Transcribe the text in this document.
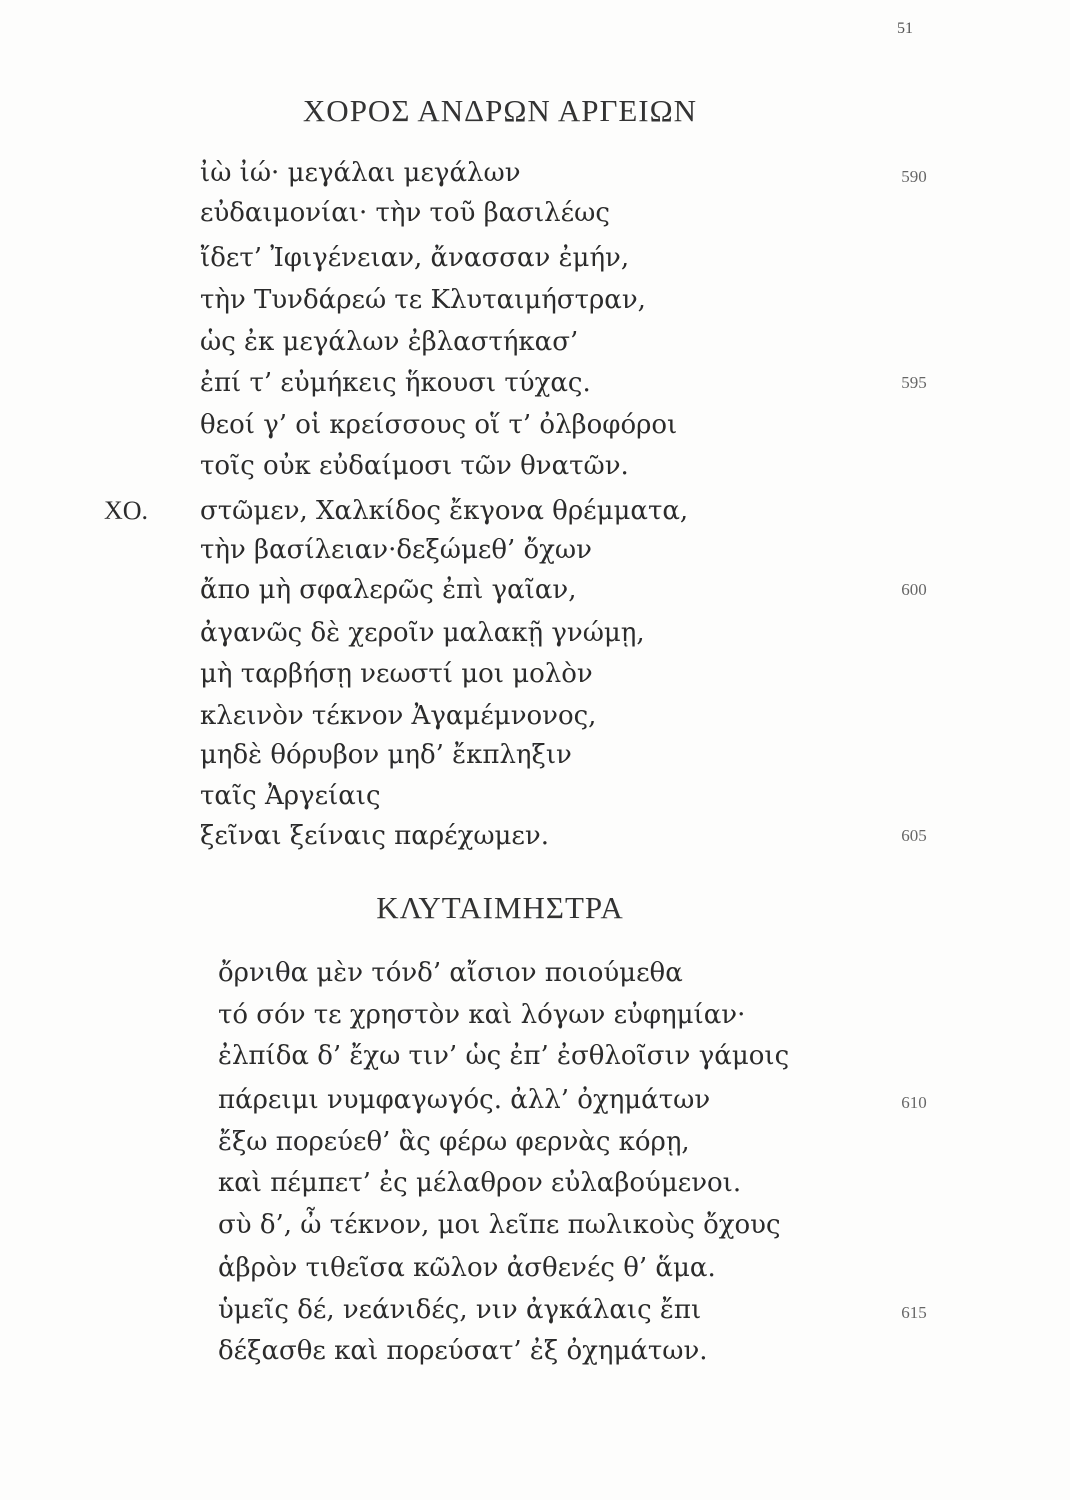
51
ΧΟΡΟΣ ΑΝΔΡΩΝ ΑΡΓΕΙΩΝ
ἰὼ ἰώ· μεγάλαι μεγάλων
εὐδαιμονίαι· τὴν τοῦ βασιλέως
ἴδετ’ Ἰφιγένειαν, ἄνασσαν ἐμήν,
τὴν Τυνδάρεώ τε Κλυταιμήστραν,
ὡς ἐκ μεγάλων ἐβλαστήκασ’
ἐπί τ’ εὐμήκεις ἥκουσι τύχας.
θεοί γ’ οἱ κρείσσους οἵ τ’ ὀλβοφόροι
τοῖς οὐκ εὐδαίμοσι τῶν θνατῶν.
στῶμεν, Χαλκίδος ἔκγονα θρέμματα,
τὴν βασίλειαν·δεξώμεθ’ ὄχων
ἄπο μὴ σφαλερῶς ἐπὶ γαῖαν,
ἀγανῶς δὲ χεροῖν μαλακῇ γνώμῃ,
μὴ ταρβήσῃ νεωστί μοι μολὸν
κλεινὸν τέκνον Ἀγαμέμνονος,
μηδὲ θόρυβον μηδ’ ἔκπληξιν
ταῖς Ἀργείαις
ξεῖναι ξείναις παρέχωμεν.
ΧΟ.
590
595
600
605
ΚΛΥΤΑΙΜΗΣΤΡΑ
ὄρνιθα μὲν τόνδ’ αἴσιον ποιούμεθα
τό σόν τε χρηστὸν καὶ λόγων εὐφημίαν·
ἐλπίδα δ’ ἔχω τιν’ ὡς ἐπ’ ἐσθλοῖσιν γάμοις
πάρειμι νυμφαγωγός. ἀλλ’ ὀχημάτων
ἔξω πορεύεθ’ ἃς φέρω φερνὰς κόρῃ,
καὶ πέμπετ’ ἐς μέλαθρον εὐλαβούμενοι.
σὺ δ’, ὦ τέκνον, μοι λεῖπε πωλικοὺς ὄχους
ἁβρὸν τιθεῖσα κῶλον ἀσθενές θ’ ἅμα.
ὑμεῖς δέ, νεάνιδές, νιν ἀγκάλαις ἔπι
δέξασθε καὶ πορεύσατ’ ἐξ ὀχημάτων.
610
615
